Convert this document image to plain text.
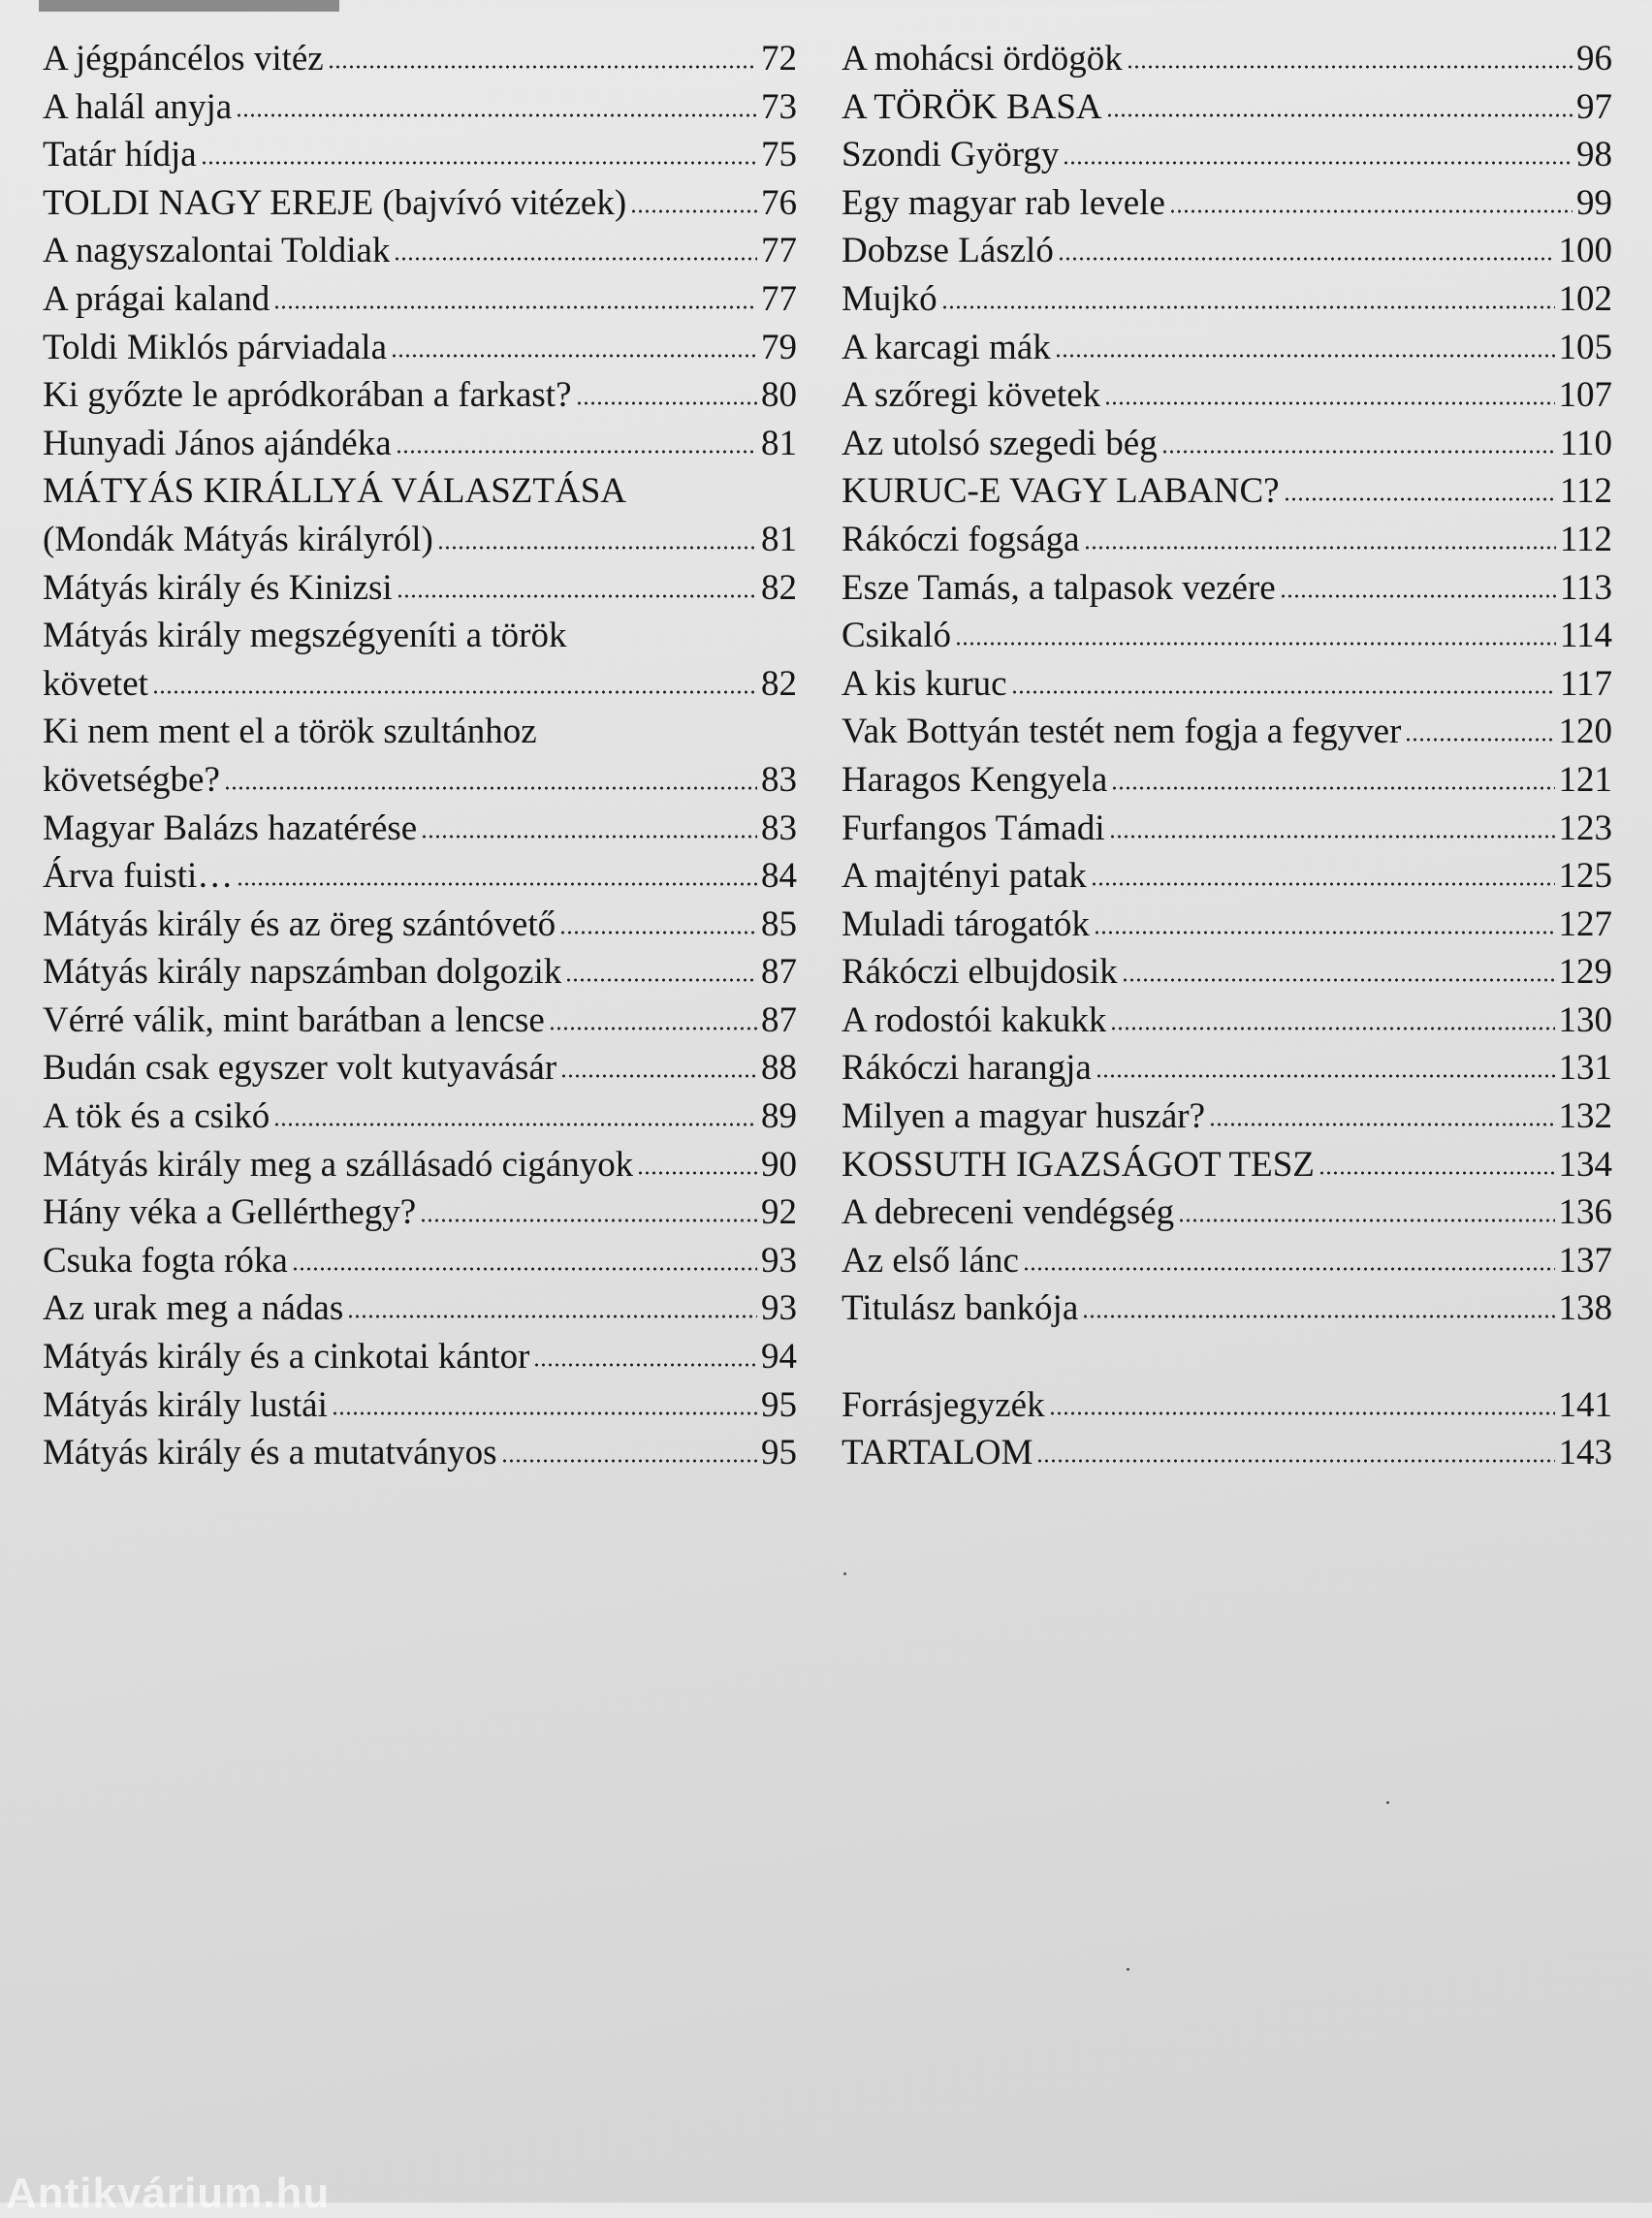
A jégpáncélos vitéz	72
A halál anyja	73
Tatár hídja	75
TOLDI NAGY EREJE (bajvívó vitézek)	76
A nagyszalontai Toldiak	77
A prágai kaland	77
Toldi Miklós párviadala	79
Ki győzte le apródkorában a farkast?	80
Hunyadi János ajándéka	81
MÁTYÁS KIRÁLLYÁ VÁLASZTÁSA
(Mondák Mátyás királyról)	81
Mátyás király és Kinizsi	82
Mátyás király megszégyeníti a török
követet	82
Ki nem ment el a török szultánhoz
követségbe?	83
Magyar Balázs hazatérése	83
Árva fuisti…	84
Mátyás király és az öreg szántóvető	85
Mátyás király napszámban dolgozik	87
Vérré válik, mint barátban a lencse	87
Budán csak egyszer volt kutyavásár	88
A tök és a csikó	89
Mátyás király meg a szállásadó cigányok	90
Hány véka a Gellérthegy?	92
Csuka fogta róka	93
Az urak meg a nádas	93
Mátyás király és a cinkotai kántor	94
Mátyás király lustái	95
Mátyás király és a mutatványos	95
A mohácsi ördögök	96
A TÖRÖK BASA	97
Szondi György	98
Egy magyar rab levele	99
Dobzse László	100
Mujkó	102
A karcagi mák	105
A szőregi követek	107
Az utolsó szegedi bég	110
KURUC-E VAGY LABANC?	112
Rákóczi fogsága	112
Esze Tamás, a talpasok vezére	113
Csikaló	114
A kis kuruc	117
Vak Bottyán testét nem fogja a fegyver	120
Haragos Kengyela	121
Furfangos Támadi	123
A majtényi patak	125
Muladi tárogatók	127
Rákóczi elbujdosik	129
A rodostói kakukk	130
Rákóczi harangja	131
Milyen a magyar huszár?	132
KOSSUTH IGAZSÁGOT TESZ	134
A debreceni vendégség	136
Az első lánc	137
Titulász bankója	138
Forrásjegyzék	141
TARTALOM	143
Antikvárium.hu
